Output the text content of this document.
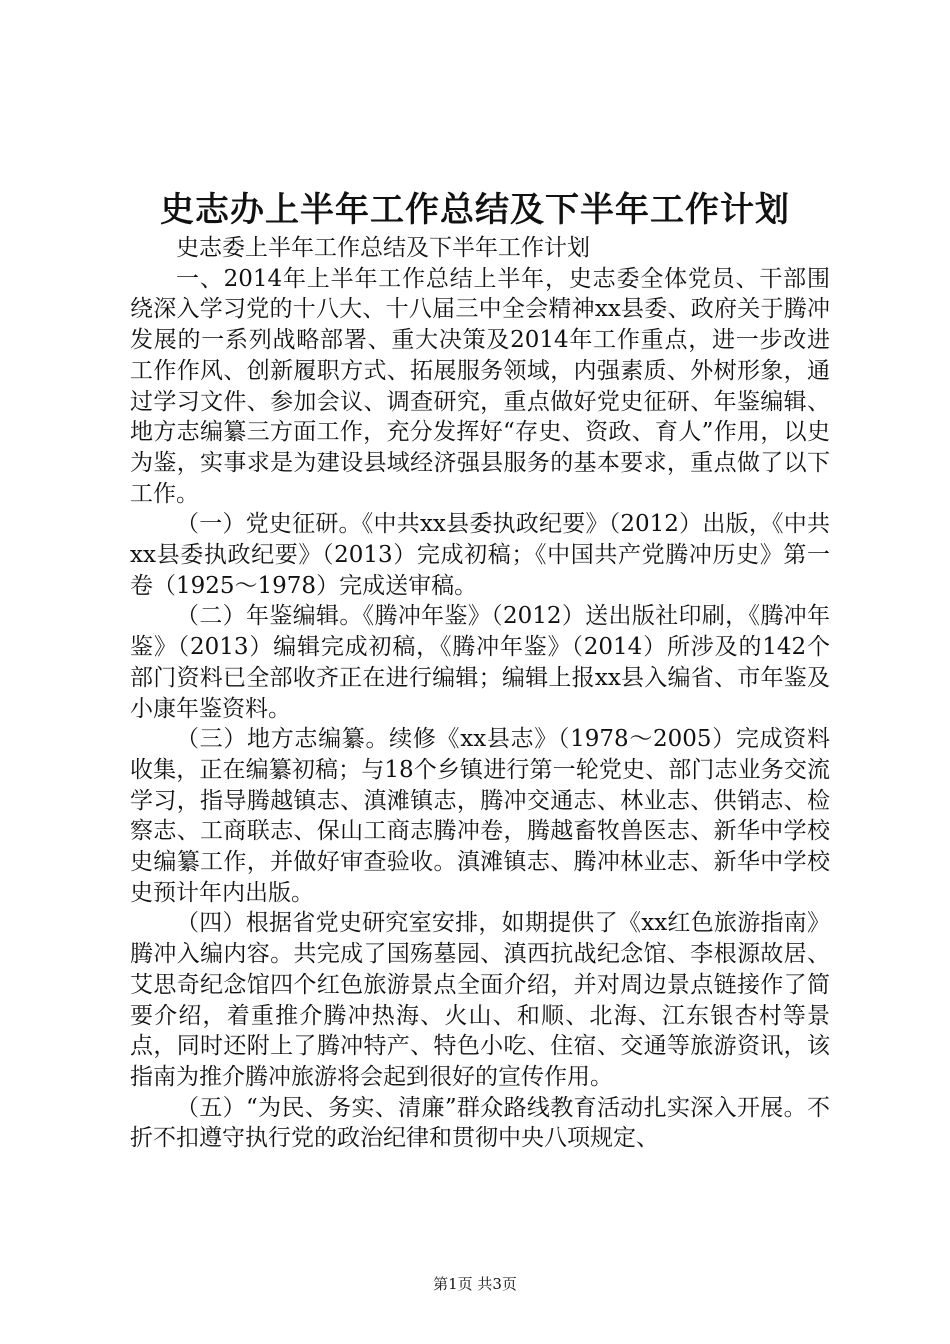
史志办上半年工作总结及下半年工作计划

史志委上半年工作总结及下半年工作计划

一、2014年上半年工作总结上半年，史志委全体党员、干部围绕深入学习党的十八大、十八届三中全会精神xx县委、政府关于腾冲发展的一系列战略部署、重大决策及2014年工作重点，进一步改进工作作风、创新履职方式、拓展服务领域，内强素质、外树形象，通过学习文件、参加会议、调查研究，重点做好党史征研、年鉴编辑、地方志编纂三方面工作，充分发挥好“存史、资政、育人”作用，以史为鉴，实事求是为建设县域经济强县服务的基本要求，重点做了以下工作。

（一）党史征研。《中共xx县委执政纪要》（2012）出版，《中共xx县委执政纪要》（2013）完成初稿；《中国共产党腾冲历史》第一卷（1925～1978）完成送审稿。

（二）年鉴编辑。《腾冲年鉴》（2012）送出版社印刷，《腾冲年鉴》（2013）编辑完成初稿，《腾冲年鉴》（2014）所涉及的142个部门资料已全部收齐正在进行编辑；编辑上报xx县入编省、市年鉴及小康年鉴资料。

（三）地方志编纂。续修《xx县志》（1978～2005）完成资料收集，正在编纂初稿；与18个乡镇进行第一轮党史、部门志业务交流学习，指导腾越镇志、滇滩镇志，腾冲交通志、林业志、供销志、检察志、工商联志、保山工商志腾冲卷，腾越畜牧兽医志、新华中学校史编纂工作，并做好审查验收。滇滩镇志、腾冲林业志、新华中学校史预计年内出版。

（四）根据省党史研究室安排，如期提供了《xx红色旅游指南》腾冲入编内容。共完成了国殇墓园、滇西抗战纪念馆、李根源故居、艾思奇纪念馆四个红色旅游景点全面介绍，并对周边景点链接作了简要介绍，着重推介腾冲热海、火山、和顺、北海、江东银杏村等景点，同时还附上了腾冲特产、特色小吃、住宿、交通等旅游资讯，该指南为推介腾冲旅游将会起到很好的宣传作用。

（五）“为民、务实、清廉”群众路线教育活动扎实深入开展。不折不扣遵守执行党的政治纪律和贯彻中央八项规定、

第1页 共3页
